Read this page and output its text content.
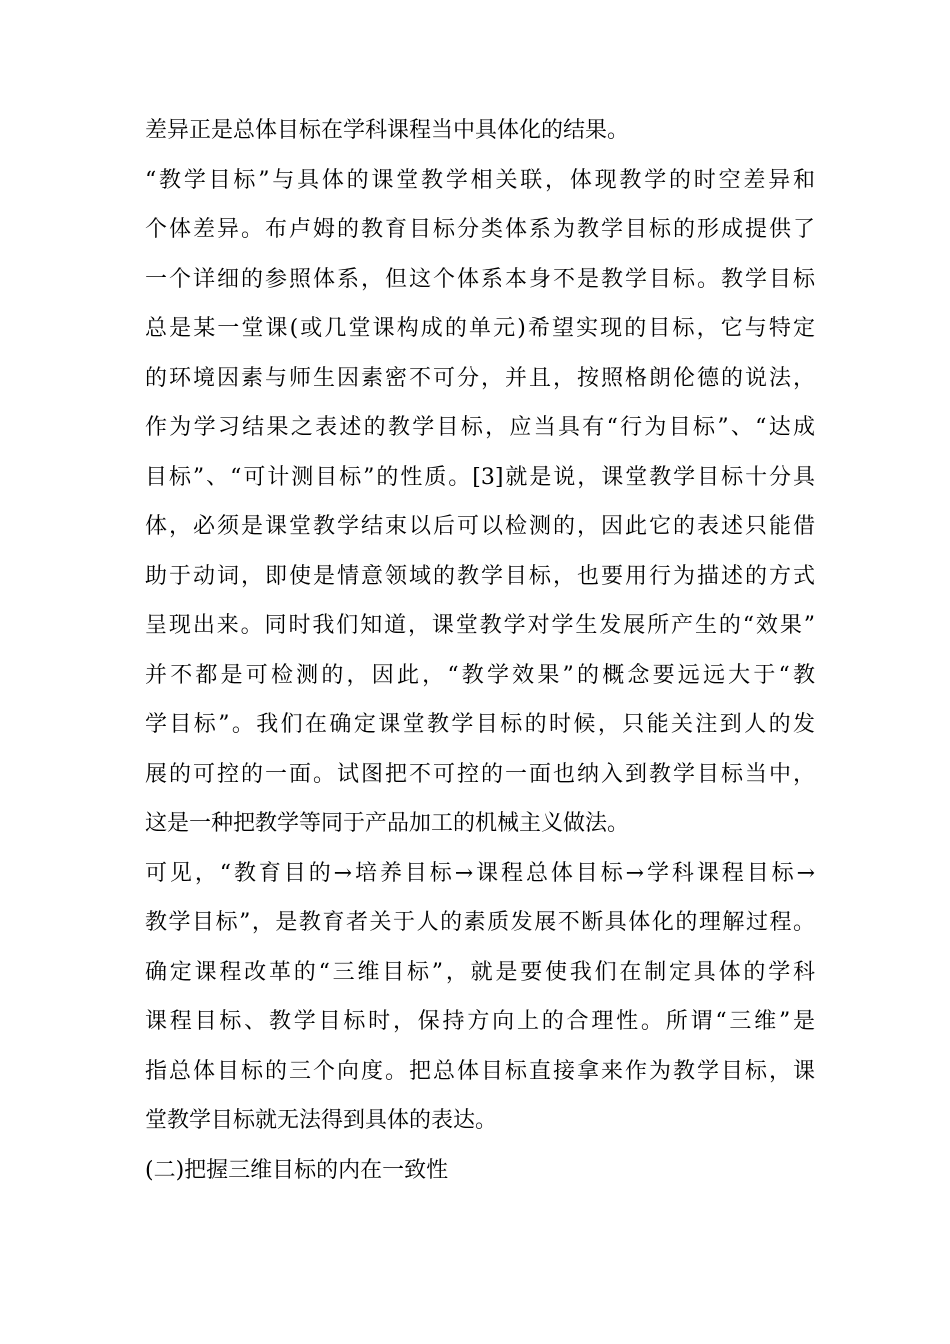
差异正是总体目标在学科课程当中具体化的结果。
“教学目标”与具体的课堂教学相关联，体现教学的时空差异和
个体差异。布卢姆的教育目标分类体系为教学目标的形成提供了
一个详细的参照体系，但这个体系本身不是教学目标。教学目标
总是某一堂课(或几堂课构成的单元)希望实现的目标，它与特定
的环境因素与师生因素密不可分，并且，按照格朗伦德的说法，
作为学习结果之表述的教学目标，应当具有“行为目标”、“达成
目标”、“可计测目标”的性质。[3]就是说，课堂教学目标十分具
体，必须是课堂教学结束以后可以检测的，因此它的表述只能借
助于动词，即使是情意领域的教学目标，也要用行为描述的方式
呈现出来。同时我们知道，课堂教学对学生发展所产生的“效果”
并不都是可检测的，因此，“教学效果”的概念要远远大于“教
学目标”。我们在确定课堂教学目标的时候，只能关注到人的发
展的可控的一面。试图把不可控的一面也纳入到教学目标当中，
这是一种把教学等同于产品加工的机械主义做法。
可见，“教育目的→培养目标→课程总体目标→学科课程目标→
教学目标”，是教育者关于人的素质发展不断具体化的理解过程。
确定课程改革的“三维目标”，就是要使我们在制定具体的学科
课程目标、教学目标时，保持方向上的合理性。所谓“三维”是
指总体目标的三个向度。把总体目标直接拿来作为教学目标，课
堂教学目标就无法得到具体的表达。
(二)把握三维目标的内在一致性
